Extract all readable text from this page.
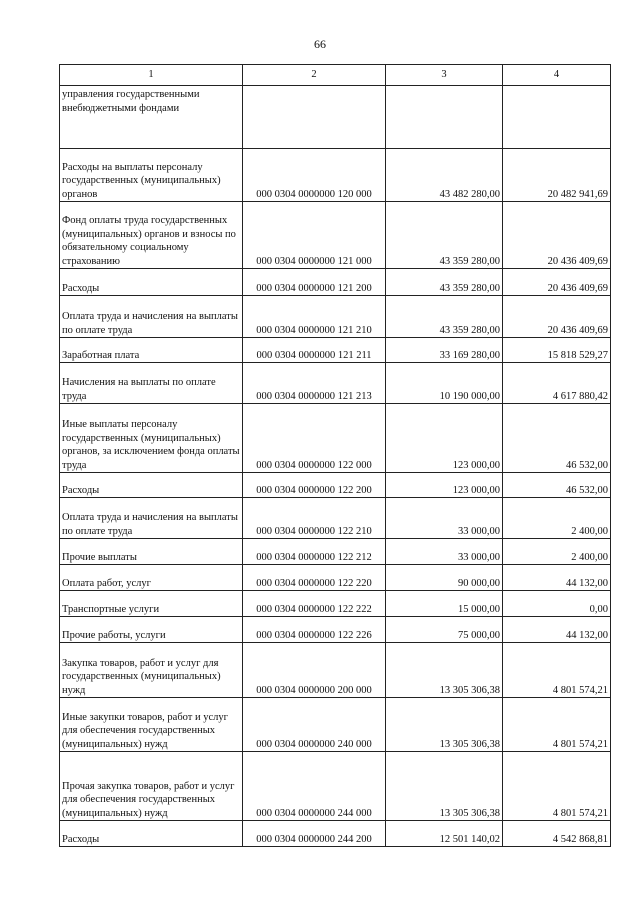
66
1	2	3	4
управления государственными внебюджетными фондами			
Расходы на выплаты персоналу государственных (муниципальных) органов	000 0304 0000000 120 000	43 482 280,00	20 482 941,69
Фонд оплаты труда государственных (муниципальных) органов и взносы по обязательному социальному страхованию	000 0304 0000000 121 000	43 359 280,00	20 436 409,69
Расходы	000 0304 0000000 121 200	43 359 280,00	20 436 409,69
Оплата труда и начисления на выплаты по оплате труда	000 0304 0000000 121 210	43 359 280,00	20 436 409,69
Заработная плата	000 0304 0000000 121 211	33 169 280,00	15 818 529,27
Начисления на выплаты по оплате труда	000 0304 0000000 121 213	10 190 000,00	4 617 880,42
Иные выплаты персоналу государственных (муниципальных) органов, за исключением фонда оплаты труда	000 0304 0000000 122 000	123 000,00	46 532,00
Расходы	000 0304 0000000 122 200	123 000,00	46 532,00
Оплата труда и начисления на выплаты по оплате труда	000 0304 0000000 122 210	33 000,00	2 400,00
Прочие выплаты	000 0304 0000000 122 212	33 000,00	2 400,00
Оплата работ, услуг	000 0304 0000000 122 220	90 000,00	44 132,00
Транспортные услуги	000 0304 0000000 122 222	15 000,00	0,00
Прочие работы, услуги	000 0304 0000000 122 226	75 000,00	44 132,00
Закупка товаров, работ и услуг для государственных (муниципальных) нужд	000 0304 0000000 200 000	13 305 306,38	4 801 574,21
Иные закупки товаров, работ и услуг для обеспечения государственных (муниципальных) нужд	000 0304 0000000 240 000	13 305 306,38	4 801 574,21
Прочая закупка товаров, работ и услуг для обеспечения государственных (муниципальных) нужд	000 0304 0000000 244 000	13 305 306,38	4 801 574,21
Расходы	000 0304 0000000 244 200	12 501 140,02	4 542 868,81
